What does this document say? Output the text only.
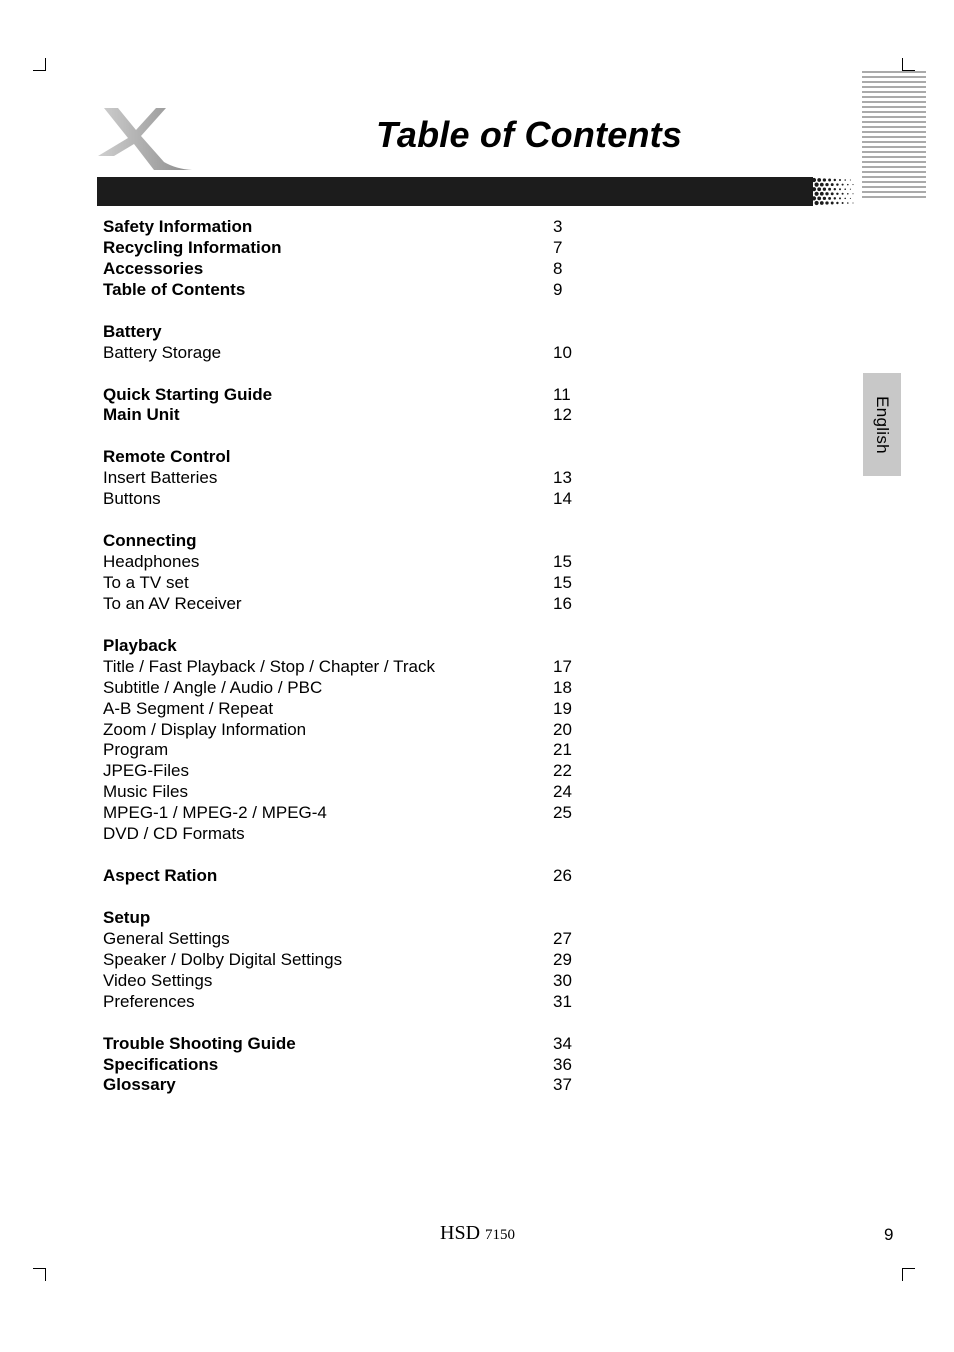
Table of Contents
English
Safety Information	3
Recycling Information	7
Accessories	8
Table of Contents	9
Battery
Battery Storage	10
Quick Starting Guide	11
Main Unit	12
Remote Control
Insert Batteries	13
Buttons	14
Connecting
Headphones	15
To a TV set	15
To an AV Receiver	16
Playback
Title / Fast Playback / Stop / Chapter / Track	17
Subtitle / Angle / Audio / PBC	18
A-B Segment / Repeat	19
Zoom / Display Information	20
Program	21
JPEG-Files	22
Music Files	24
MPEG-1 / MPEG-2 / MPEG-4	25
DVD / CD Formats
Aspect Ration	26
Setup
General Settings	27
Speaker / Dolby Digital Settings	29
Video Settings	30
Preferences	31
Trouble Shooting Guide	34
Specifications	36
Glossary	37
HSD 7150	9
